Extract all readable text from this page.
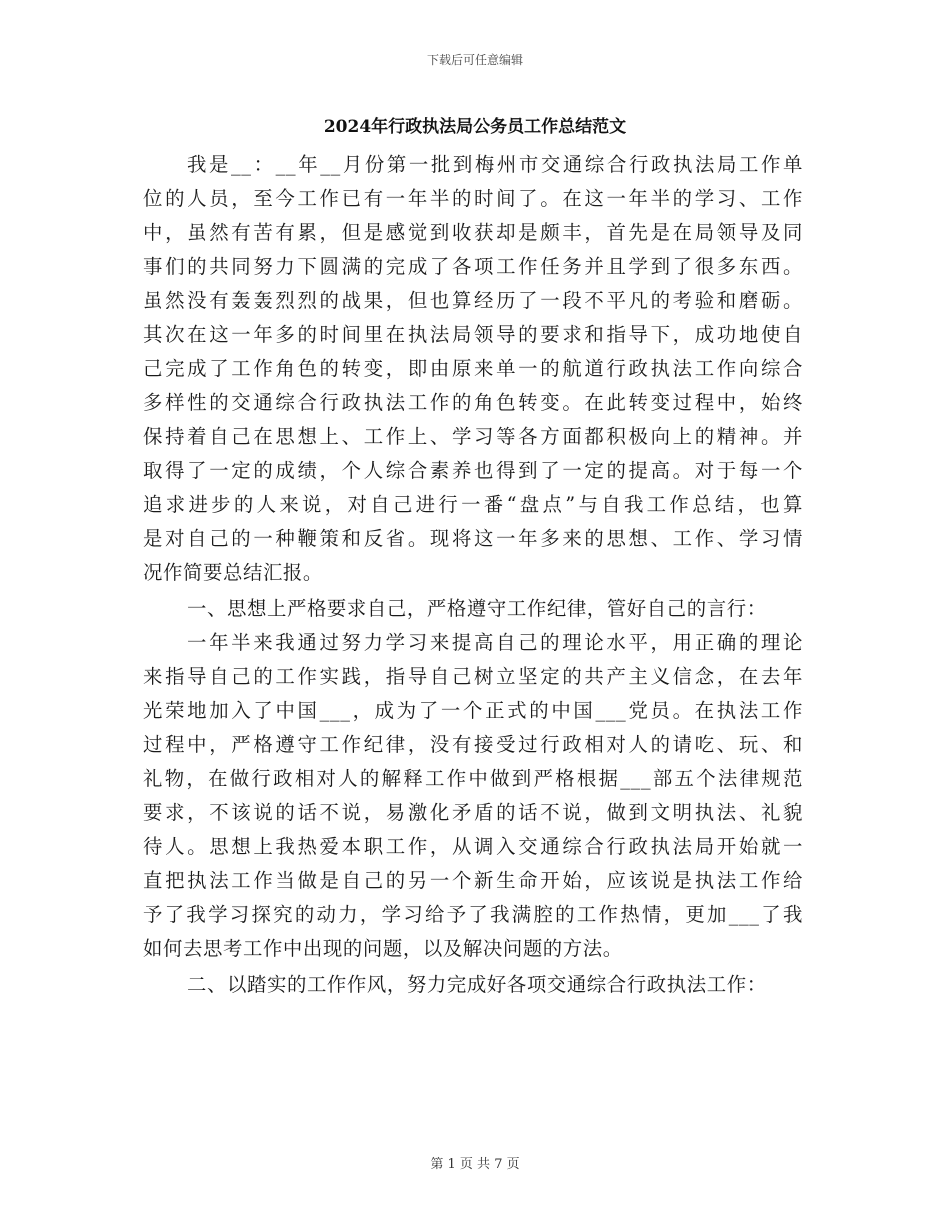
下载后可任意编辑
2024年行政执法局公务员工作总结范文
我是__：__年__月份第一批到梅州市交通综合行政执法局工作单
位的人员，至今工作已有一年半的时间了。在这一年半的学习、工作
中，虽然有苦有累，但是感觉到收获却是颇丰，首先是在局领导及同
事们的共同努力下圆满的完成了各项工作任务并且学到了很多东西。
虽然没有轰轰烈烈的战果，但也算经历了一段不平凡的考验和磨砺。
其次在这一年多的时间里在执法局领导的要求和指导下，成功地使自
己完成了工作角色的转变，即由原来单一的航道行政执法工作向综合
多样性的交通综合行政执法工作的角色转变。在此转变过程中，始终
保持着自己在思想上、工作上、学习等各方面都积极向上的精神。并
取得了一定的成绩，个人综合素养也得到了一定的提高。对于每一个
追求进步的人来说，对自己进行一番“盘点”与自我工作总结，也算
是对自己的一种鞭策和反省。现将这一年多来的思想、工作、学习情
况作简要总结汇报。
一、思想上严格要求自己，严格遵守工作纪律，管好自己的言行：
一年半来我通过努力学习来提高自己的理论水平，用正确的理论
来指导自己的工作实践，指导自己树立坚定的共产主义信念，在去年
光荣地加入了中国___，成为了一个正式的中国___党员。在执法工作
过程中，严格遵守工作纪律，没有接受过行政相对人的请吃、玩、和
礼物，在做行政相对人的解释工作中做到严格根据___部五个法律规范
要求，不该说的话不说，易激化矛盾的话不说，做到文明执法、礼貌
待人。思想上我热爱本职工作，从调入交通综合行政执法局开始就一
直把执法工作当做是自己的另一个新生命开始，应该说是执法工作给
予了我学习探究的动力，学习给予了我满腔的工作热情，更加___了我
如何去思考工作中出现的问题，以及解决问题的方法。
二、以踏实的工作作风，努力完成好各项交通综合行政执法工作：
第 1 页 共 7 页
